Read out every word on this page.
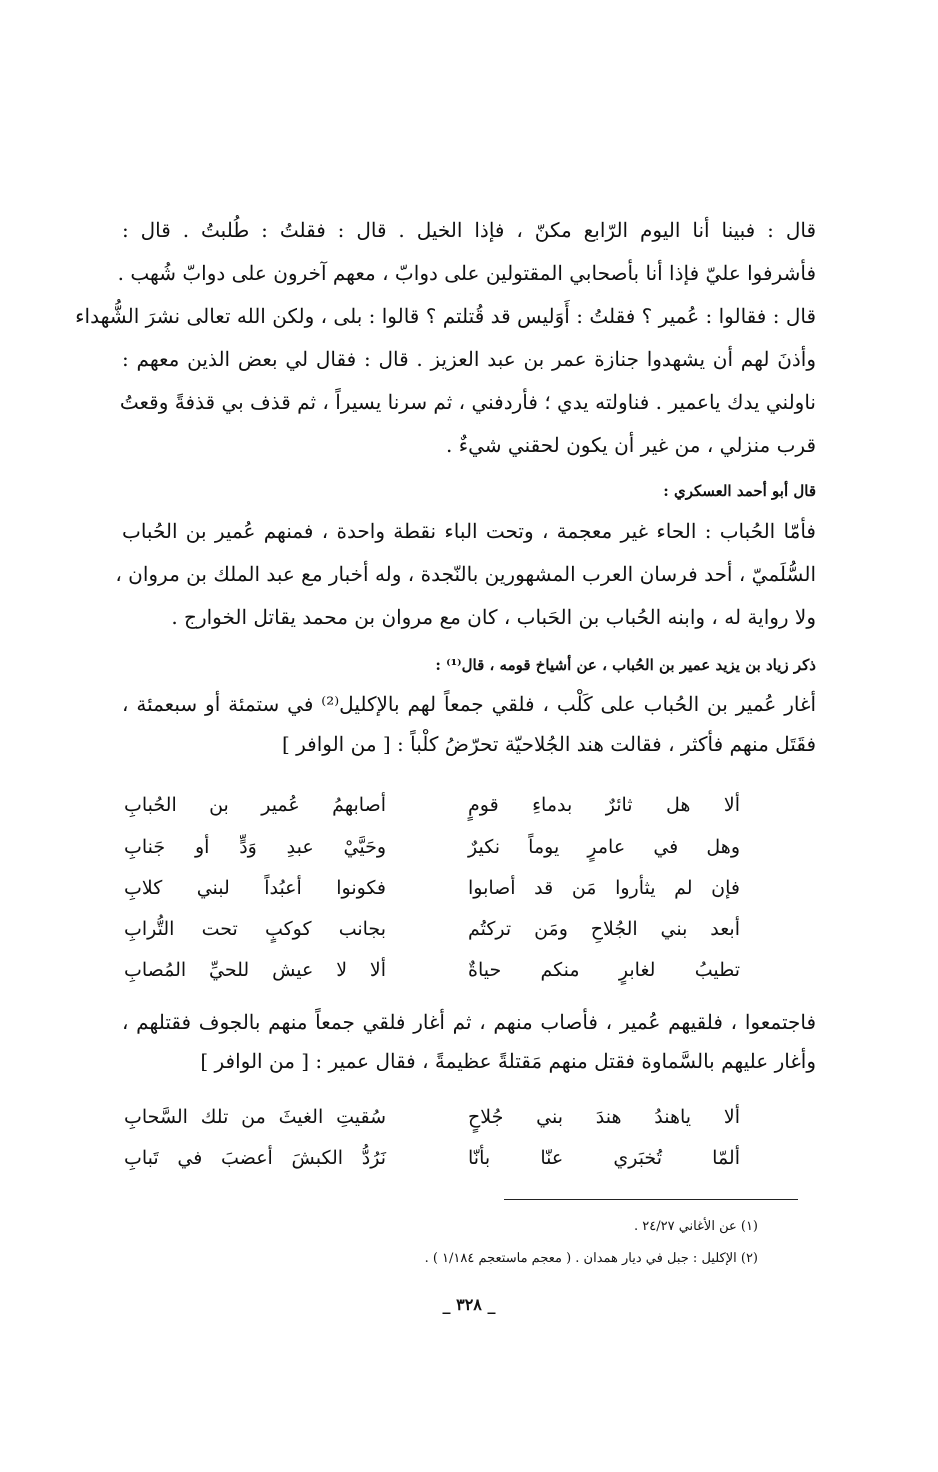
قال : فبينا أنا اليوم الرّابع مكنّ ، فإذا الخيل . قال : فقلتُ : طُلبتُ . قال :
فأشرفوا عليّ فإذا أنا بأصحابي المقتولين على دوابّ ، معهم آخرون على دوابّ شُهب .
قال : فقالوا : عُمير ؟ فقلتُ : أَوَليس قد قُتلتم ؟ قالوا : بلى ، ولكن الله تعالى نشرَ الشُّهداء
وأذنَ لهم أن يشهدوا جنازة عمر بن عبد العزيز . قال : فقال لي بعض الذين معهم :
ناولني يدك ياعمير . فناولته يدي ؛ فأردفني ، ثم سرنا يسيراً ، ثم قذف بي قذفةً وقعتُ
قرب منزلي ، من غير أن يكون لحقني شيءٌ .
قال أبو أحمد العسكري :
فأمّا الحُباب : الحاء غير معجمة ، وتحت الباء نقطة واحدة ، فمنهم عُمير بن الحُباب
السُّلَميّ ، أحد فرسان العرب المشهورين بالنّجدة ، وله أخبار مع عبد الملك بن مروان ،
ولا رواية له ، وابنه الحُباب بن الحَباب ، كان مع مروان بن محمد يقاتل الخوارج .
ذكر زياد بن يزيد عمير بن الحُباب ، عن أشياخ قومه ، قال⁽¹⁾ :
أغار عُمير بن الحُباب على كَلْب ، فلقي جمعاً لهم بالإكليل⁽²⁾ في ستمئة أو سبعمئة ،
فقَتَل منهم فأكثر ، فقالت هند الجُلاحيّة تحرّضُ كلْباً : [ من الوافر ]
ألا هل ثائرٌ بدماءِ قومٍ
أصابهمُ عُمير بن الحُبابِ
وهل في عامرٍ يوماً نكيرٌ
وحَيَّيْ عبدِ وَدٍّ أو جَنابِ
فإن لم يثأروا مَن قد أصابوا
فكونوا أعبُداً لبني كلابِ
أبعد بني الجُلاحِ ومَن تركتُم
بجانب كوكبٍ تحت التُّرابِ
تطيبُ لغابرٍ منكم حياةٌ
ألا لا عيش للحيِّ المُصابِ
فاجتمعوا ، فلقيهم عُمير ، فأصاب منهم ، ثم أغار فلقي جمعاً منهم بالجوف فقتلهم ،
وأغار عليهم بالسَّماوة فقتل منهم مَقتلةً عظيمةً ، فقال عمير : [ من الوافر ]
ألا ياهندُ هندَ بني جُلاحٍ
سُقيتِ الغيثَ من تلك السَّحابِ
ألمّا تُخبَري عنّا بأنّا
نَرُدُّ الكبشَ أعضبَ في تَبابِ
(١) عن الأغاني ٢٤/٢٧ .
(٢) الإكليل : جبل في ديار همدان . ( معجم ماستعجم ١/١٨٤ ) .
_ ٣٢٨ _
